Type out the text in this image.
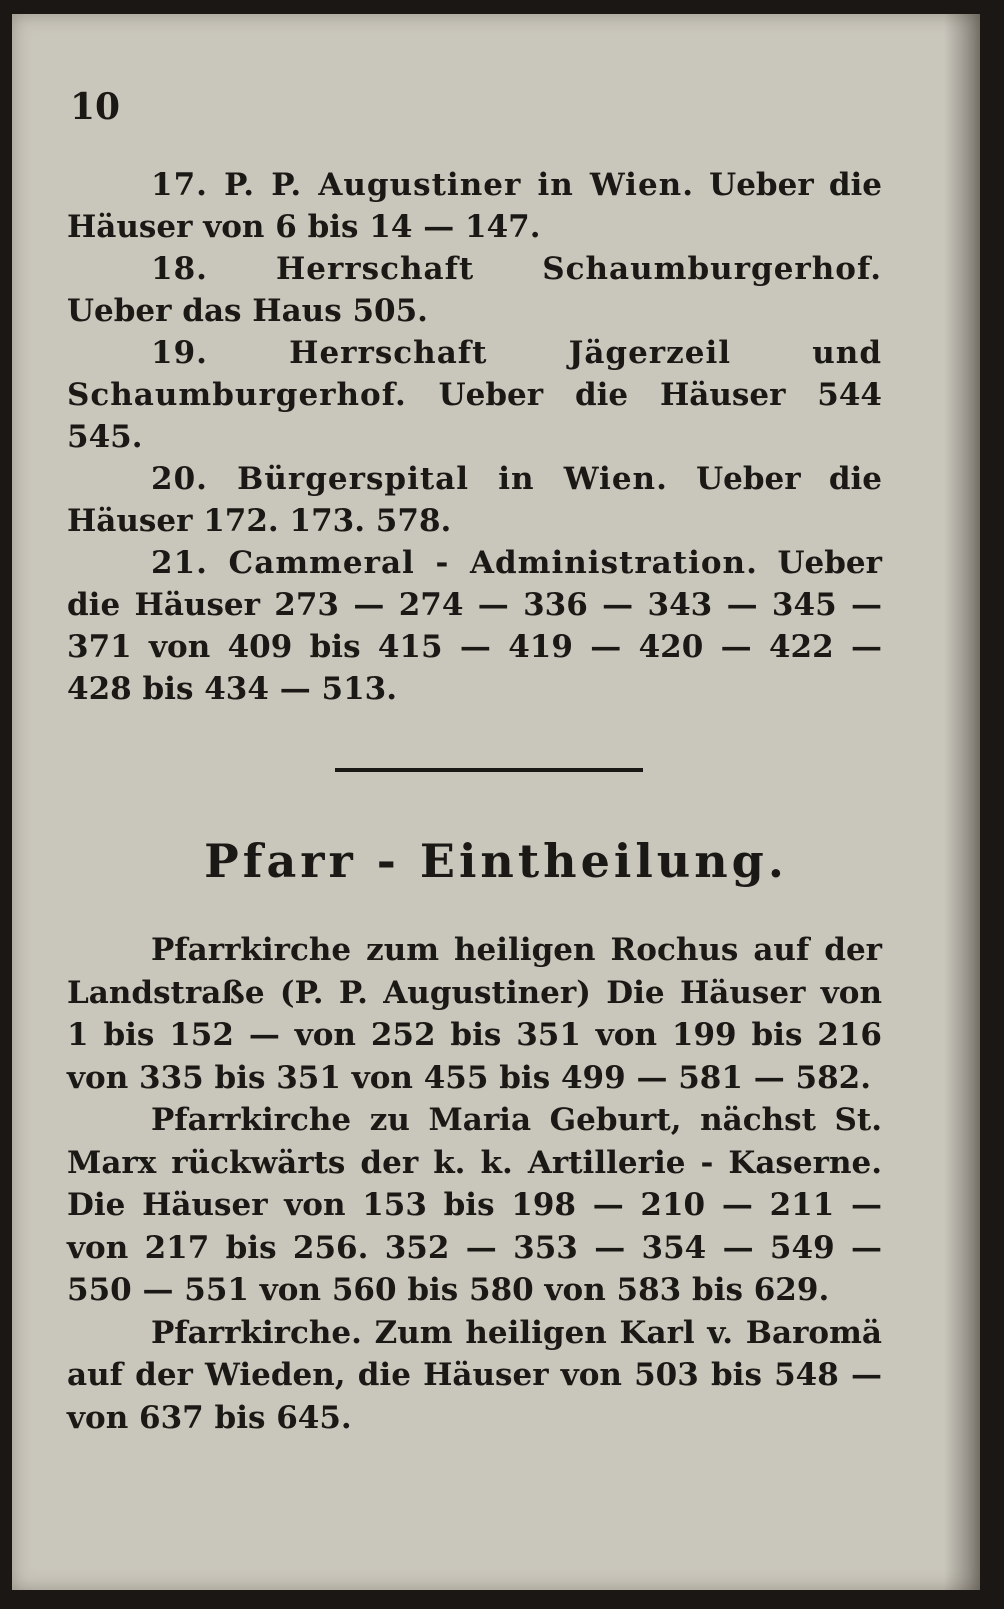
10

17. P. P. Augustiner in Wien. Ueber die Häuser von 6 bis 14 — 147.

18. Herrschaft Schaumburgerhof. Ueber das Haus 505.

19. Herrschaft Jägerzeil und Schaumburgerhof. Ueber die Häuser 544 545.

20. Bürgerspital in Wien. Ueber die Häuser 172. 173. 578.

21. Cammeral - Administration. Ueber die Häuser 273 — 274 — 336 — 343 — 345 — 371 von 409 bis 415 — 419 — 420 — 422 — 428 bis 434 — 513.

Pfarr - Eintheilung.

Pfarrkirche zum heiligen Rochus auf der Landstraße (P. P. Augustiner) Die Häuser von 1 bis 152 — von 252 bis 351 von 199 bis 216 von 335 bis 351 von 455 bis 499 — 581 — 582.

Pfarrkirche zu Maria Geburt, nächst St. Marx rückwärts der k. k. Artillerie - Kaserne. Die Häuser von 153 bis 198 — 210 — 211 — von 217 bis 256. 352 — 353 — 354 — 549 — 550 — 551 von 560 bis 580 von 583 bis 629.

Pfarrkirche. Zum heiligen Karl v. Baromä auf der Wieden, die Häuser von 503 bis 548 — von 637 bis 645.
